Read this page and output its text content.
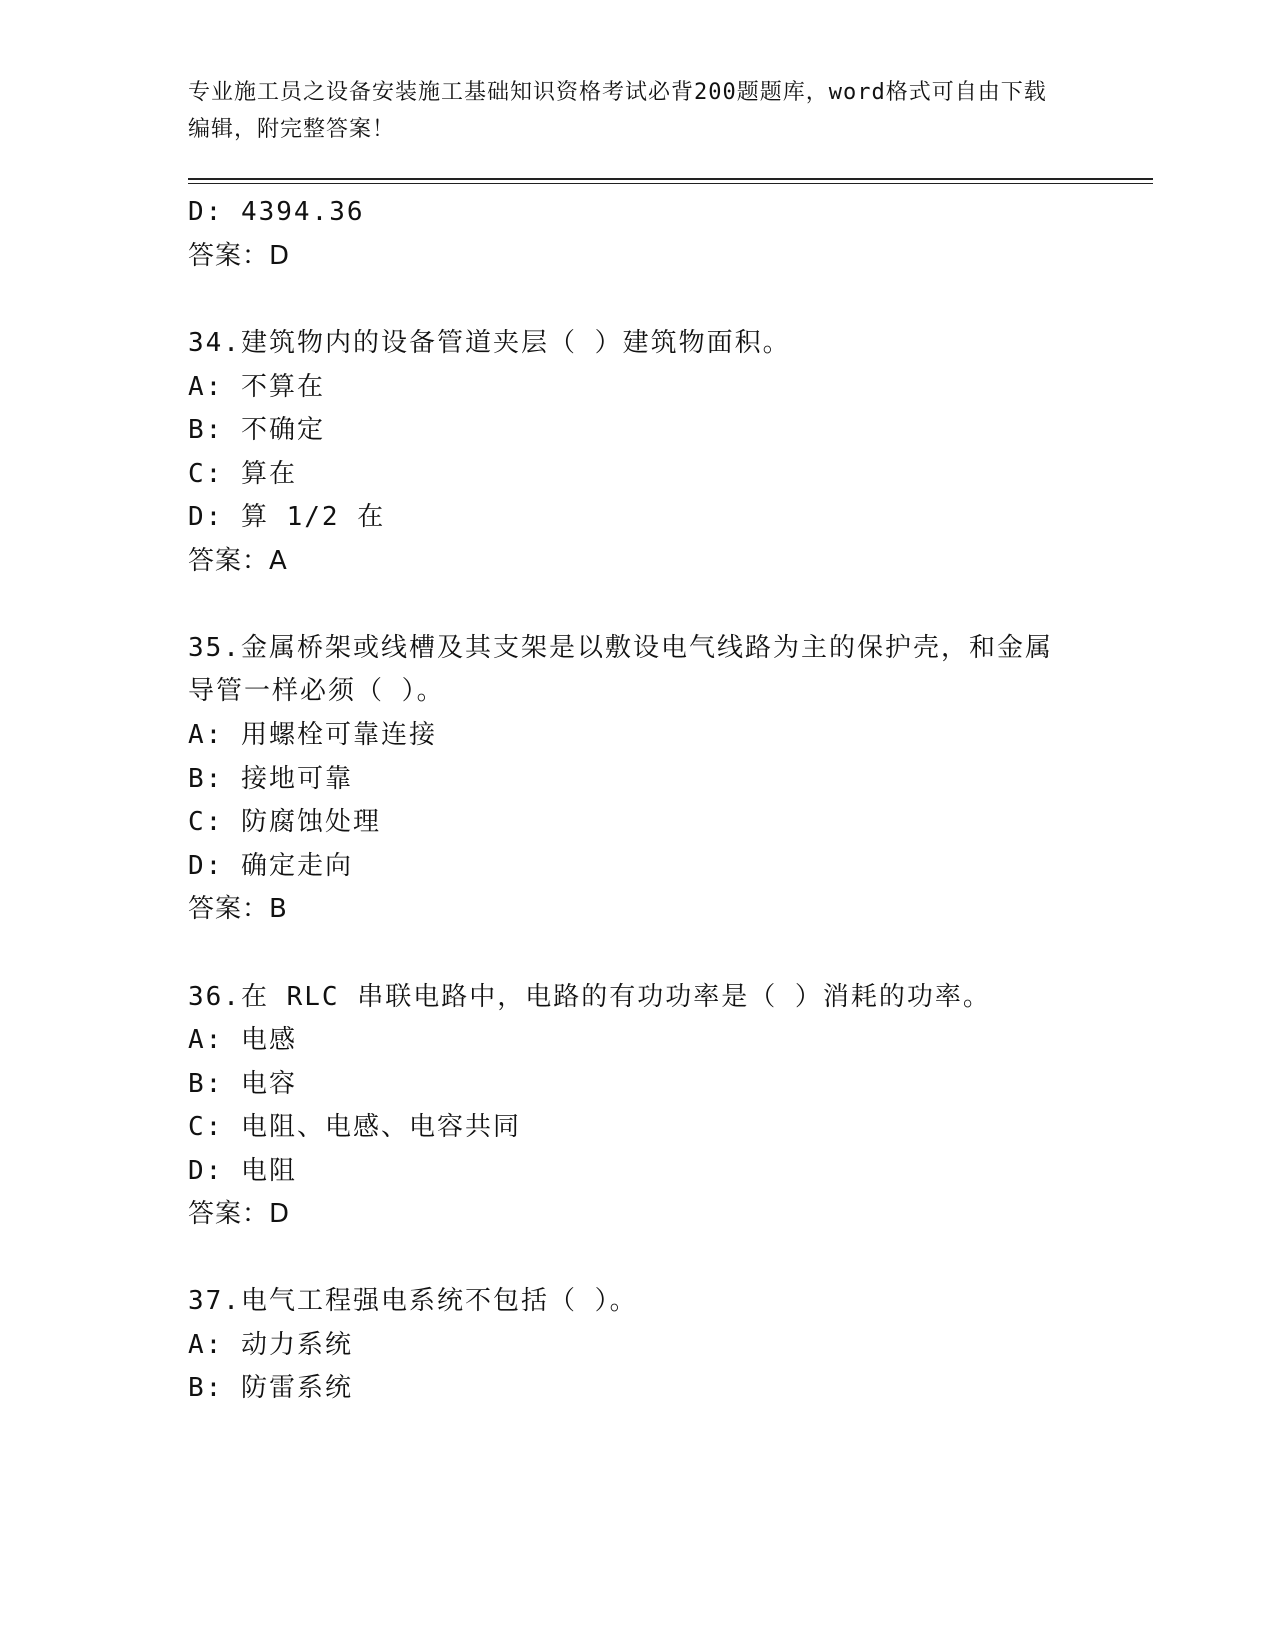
专业施工员之设备安装施工基础知识资格考试必背200题题库，word格式可自由下载编辑，附完整答案！
D: 4394.36
答案：D
34.建筑物内的设备管道夹层（ ）建筑物面积。
A: 不算在
B: 不确定
C: 算在
D: 算 1/2 在
答案：A
35.金属桥架或线槽及其支架是以敷设电气线路为主的保护壳，和金属
导管一样必须（ ）。
A: 用螺栓可靠连接
B: 接地可靠
C: 防腐蚀处理
D: 确定走向
答案：B
36.在 RLC 串联电路中，电路的有功功率是（ ）消耗的功率。
A: 电感
B: 电容
C: 电阻、电感、电容共同
D: 电阻
答案：D
37.电气工程强电系统不包括（ ）。
A: 动力系统
B: 防雷系统
